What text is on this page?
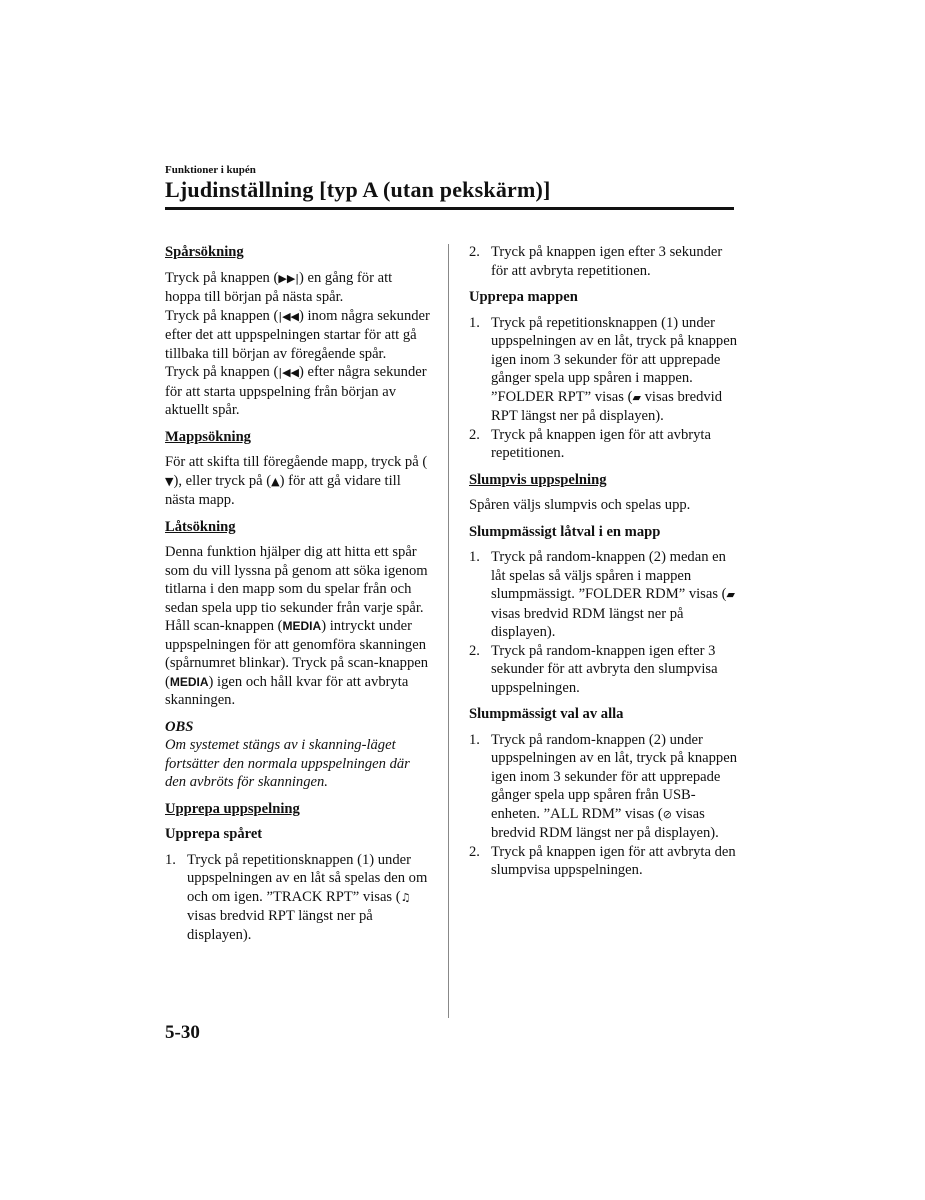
Funktioner i kupén
Ljudinställning [typ A (utan pekskärm)]
Spårsökning

Tryck på knappen (▶▶|) en gång för att hoppa till början på nästa spår.

Tryck på knappen (|◀◀) inom några sekunder efter det att uppspelningen startar för att gå tillbaka till början av föregående spår.

Tryck på knappen (|◀◀) efter några sekunder för att starta uppspelning från början av aktuellt spår.

Mappsökning

För att skifta till föregående mapp, tryck på (▼), eller tryck på (▲) för att gå vidare till nästa mapp.

Låtsökning

Denna funktion hjälper dig att hitta ett spår som du vill lyssna på genom att söka igenom titlarna i den mapp som du spelar från och sedan spela upp tio sekunder från varje spår.

Håll scan-knappen (MEDIA) intryckt under uppspelningen för att genomföra skanningen (spårnumret blinkar). Tryck på scan-knappen (MEDIA) igen och håll kvar för att avbryta skanningen.

OBS

Om systemet stängs av i skanning-läget fortsätter den normala uppspelningen där den avbröts för skanningen.

Upprepa uppspelning
Upprepa spåret
1. Tryck på repetitionsknappen (1) under uppspelningen av en låt så spelas den om och om igen. ”TRACK RPT” visas (♫ visas bredvid RPT längst ner på displayen).
2. Tryck på knappen igen efter 3 sekunder för att avbryta repetitionen.
Upprepa mappen
1. Tryck på repetitionsknappen (1) under uppspelningen av en låt, tryck på knappen igen inom 3 sekunder för att upprepade gånger spela upp spåren i mappen. ”FOLDER RPT” visas (▰ visas bredvid RPT längst ner på displayen).
2. Tryck på knappen igen för att avbryta repetitionen.
Slumpvis uppspelning

Spåren väljs slumpvis och spelas upp.

Slumpmässigt låtval i en mapp
1. Tryck på random-knappen (2) medan en låt spelas så väljs spåren i mappen slumpmässigt. ”FOLDER RDM” visas (▰ visas bredvid RDM längst ner på displayen).
2. Tryck på random-knappen igen efter 3 sekunder för att avbryta den slumpvisa uppspelningen.
Slumpmässigt val av alla
1. Tryck på random-knappen (2) under uppspelningen av en låt, tryck på knappen igen inom 3 sekunder för att upprepade gånger spela upp spåren från USB-enheten. ”ALL RDM” visas (⊘ visas bredvid RDM längst ner på displayen).
2. Tryck på knappen igen för att avbryta den slumpvisa uppspelningen.
5-30
